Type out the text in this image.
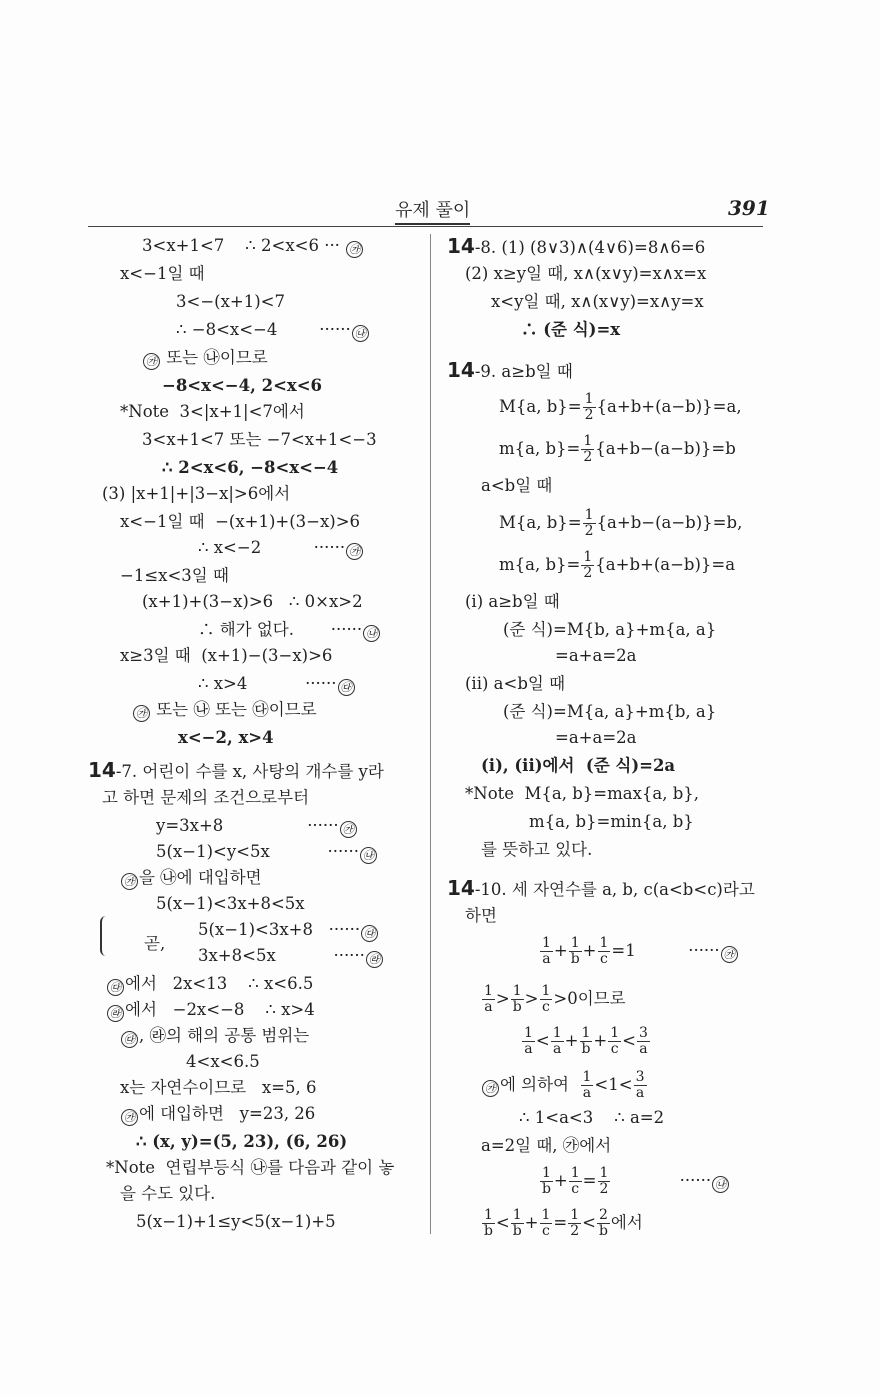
유제 풀이	391
3<x+1<7    ∴ 2<x<6 ··· ㉮
x<−1일 때
3<−(x+1)<7
∴ −8<x<−4        ······ ㉯
㉮ 또는 ㉯이므로
−8<x<−4, 2<x<6
*Note  3<|x+1|<7에서
3<x+1<7 또는 −7<x+1<−3
∴ 2<x<6, −8<x<−4
(3) |x+1|+|3−x|>6에서
x<−1일 때  −(x+1)+(3−x)>6
∴ x<−2          ······ ㉮
−1≤x<3일 때
(x+1)+(3−x)>6   ∴ 0×x>2
∴ 해가 없다.       ······ ㉯
x≥3일 때  (x+1)−(3−x)>6
∴ x>4           ······ ㉰
㉮ 또는 ㉯ 또는 ㉰이므로
x<−2, x>4
14-7. 어린이 수를 x, 사탕의 개수를 y라
고 하면 문제의 조건으로부터
y=3x+8                ······ ㉮
5(x−1)<y<5x           ······ ㉯
㉮ 을 ㉯에 대입하면
5(x−1)<3x+8<5x
곧,
5(x−1)<3x+8   ······ ㉰
3x+8<5x           ······ ㉱
㉰ 에서   2x<13    ∴ x<6.5
㉱ 에서   −2x<−8    ∴ x>4
㉰ , ㉱의 해의 공통 범위는
4<x<6.5
x는 자연수이므로   x=5, 6
㉮ 에 대입하면   y=23, 26
∴ (x, y)=(5, 23), (6, 26)
*Note  연립부등식 ㉯를 다음과 같이 놓
을 수도 있다.
5(x−1)+1≤y<5(x−1)+5
14-8. (1) (8∨3)∧(4∨6)=8∧6=6
(2) x≥y일 때, x∧(x∨y)=x∧x=x
x<y일 때, x∧(x∨y)=x∧y=x
∴ (준 식)=x
14-9. a≥b일 때
M{a, $b\}= \frac{1}{2} \{a+b+(a-b)\}=a$,
m{a, $b\}= \frac{1}{2} \{a+b-(a-b)\}=b$
a<b일 때
M{a, $b\}= \frac{1}{2} \{a+b-(a-b)\}=b$,
m{a, $b\}= \frac{1}{2} \{a+b+(a-b)\}=a$
(i) a≥b일 때
(준 식)=M{b, a}+m{a, a}
=a+a=2a
(ii) a<b일 때
(준 식)=M{a, a}+m{b, a}
=a+a=2a
(i), (ii)에서  (준 식)=2a
*Note  M{a, b}=max{a, b},
m{a, b}=min{a, b}
를 뜻하고 있다.
14-10. 세 자연수를 a, b, c(a<b<c)라고
하면
$\frac{1}{a} + \frac{1}{b} + \frac{1}{c} =1$          ······ ㉮
$\frac{1}{a} > \frac{1}{b} > \frac{1}{c} >0$이므로
$\frac{1}{a} < \frac{1}{a} + \frac{1}{b} + \frac{1}{c} < \frac{3}{a}$
㉮ 에 의하여 $\frac{1}{a} <1< \frac{3}{a}$
∴ 1<a<3    ∴ a=2
a=2일 때, ㉮에서
$\frac{1}{b} + \frac{1}{c} = \frac{1}{2}$ ······ ㉯
$\frac{1}{b} < \frac{1}{b} + \frac{1}{c} = \frac{1}{2} < \frac{2}{b}$ 에서
